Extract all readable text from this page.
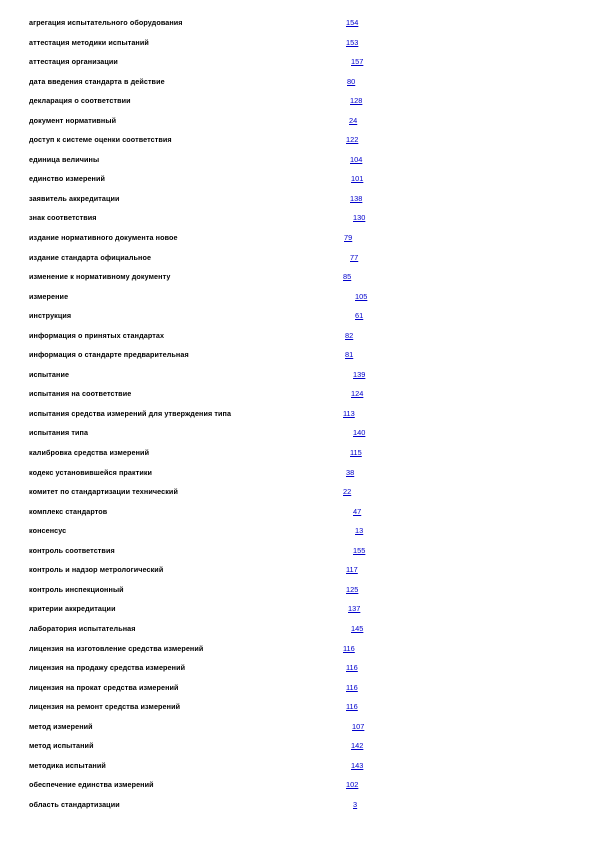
агрегация испытательного оборудования	154
аттестация методики испытаний	153
аттестация организации	157
дата введения стандарта в действие	80
декларация о соответствии	128
документ нормативный	24
доступ к системе оценки соответствия	122
единица величины	104
единство измерений	101
заявитель аккредитации	138
знак соответствия	130
издание нормативного документа новое	79
издание стандарта официальное	77
изменение к нормативному документу	85
измерение	105
инструкция	61
информация о принятых стандартах	82
информация о стандарте предварительная	81
испытание	139
испытания на соответствие	124
испытания средства измерений для утверждения типа	113
испытания типа	140
калибровка средства измерений	115
кодекс установившейся практики	38
комитет по стандартизации технический	22
комплекс стандартов	47
консенсус	13
контроль соответствия	155
контроль и надзор метрологический	117
контроль инспекционный	125
критерии аккредитации	137
лаборатория испытательная	145
лицензия на изготовление средства измерений	116
лицензия на продажу средства измерений	116
лицензия на прокат средства измерений	116
лицензия на ремонт средства измерений	116
метод измерений	107
метод испытаний	142
методика испытаний	143
обеспечение единства измерений	102
область стандартизации	3
